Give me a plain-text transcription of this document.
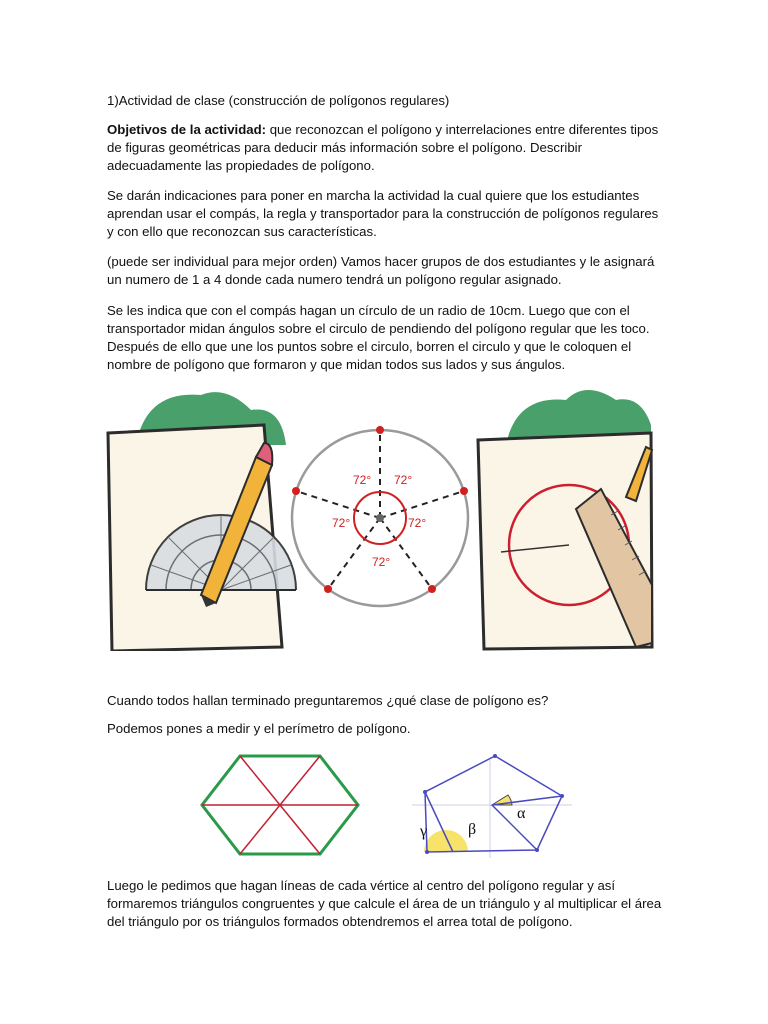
1)Actividad de clase (construcción de polígonos regulares)

Objetivos de la actividad: que reconozcan el polígono y interrelaciones entre diferentes tipos de figuras geométricas para deducir más información sobre el polígono. Describir adecuadamente las propiedades de polígono.

Se darán indicaciones para poner en marcha la actividad la cual quiere que los estudiantes aprendan usar el compás, la regla y transportador para la construcción de polígonos regulares y con ello que reconozcan sus características.

(puede ser individual para mejor orden) Vamos hacer grupos de dos estudiantes y le asignará un numero de 1 a 4 donde cada numero tendrá un polígono regular asignado.

Se les indica que con el compás hagan un círculo de un radio de 10cm. Luego que con el transportador midan ángulos sobre el circulo de pendiendo del polígono regular que les toco. Después de ello que une los puntos sobre el circulo, borren el circulo y que le coloquen el nombre de polígono que formaron y que midan todos sus lados y sus ángulos.

72° 72°
72°	72°
72°

Cuando todos hallan terminado preguntaremos ¿qué clase de polígono es?

Podemos pones a medir y el perímetro de polígono.

γ	β
α

Luego le pedimos que hagan líneas de cada vértice al centro del polígono regular y así formaremos triángulos congruentes y que calcule el área de un triángulo y al multiplicar el área del triángulo por os triángulos formados obtendremos el arrea total de polígono.
